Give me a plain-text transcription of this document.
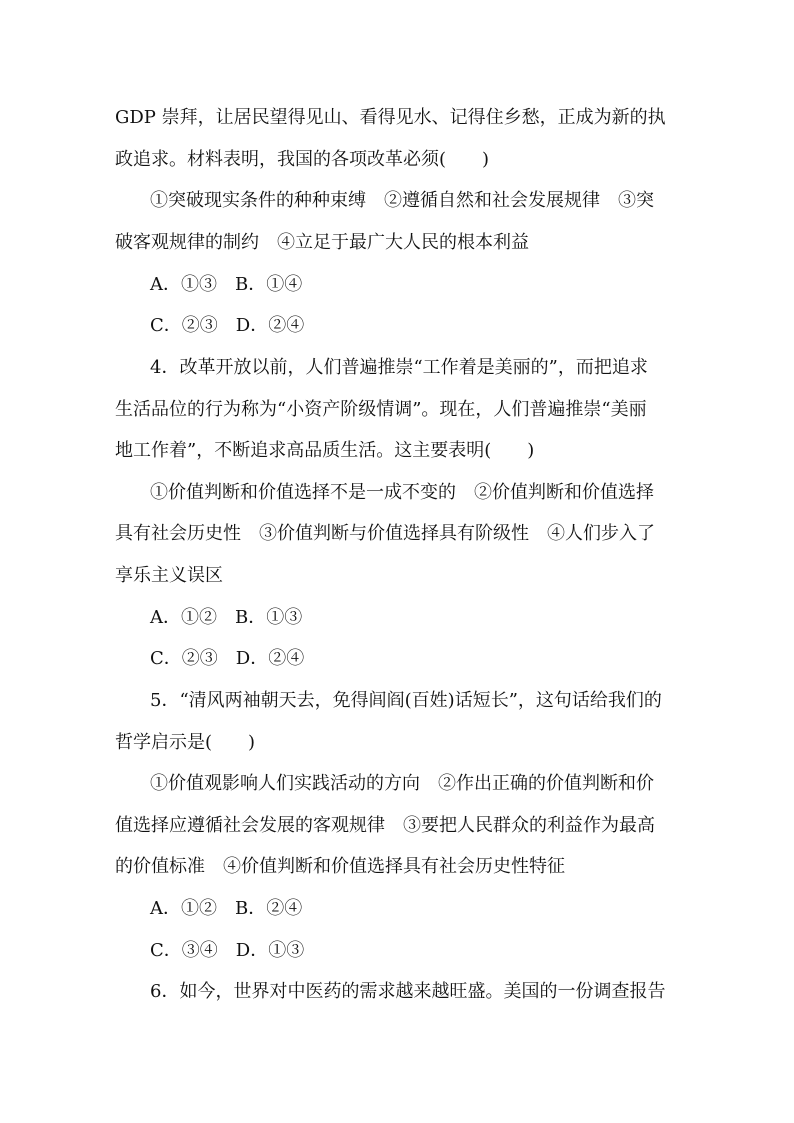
GDP 崇拜，让居民望得见山、看得见水、记得住乡愁，正成为新的执
政追求。材料表明，我国的各项改革必须(　　)
①突破现实条件的种种束缚　②遵循自然和社会发展规律　③突
破客观规律的制约　④立足于最广大人民的根本利益
A．①③　B．①④
C．②③　D．②④
4．改革开放以前，人们普遍推崇“工作着是美丽的”，而把追求
生活品位的行为称为“小资产阶级情调”。现在，人们普遍推崇“美丽
地工作着”，不断追求高品质生活。这主要表明(　　)
①价值判断和价值选择不是一成不变的　②价值判断和价值选择
具有社会历史性　③价值判断与价值选择具有阶级性　④人们步入了
享乐主义误区
A．①②　B．①③
C．②③　D．②④
5．“清风两袖朝天去，免得闾阎(百姓)话短长”，这句话给我们的
哲学启示是(　　)
①价值观影响人们实践活动的方向　②作出正确的价值判断和价
值选择应遵循社会发展的客观规律　③要把人民群众的利益作为最高
的价值标准　④价值判断和价值选择具有社会历史性特征
A．①②　B．②④
C．③④　D．①③
6．如今，世界对中医药的需求越来越旺盛。美国的一份调查报告
